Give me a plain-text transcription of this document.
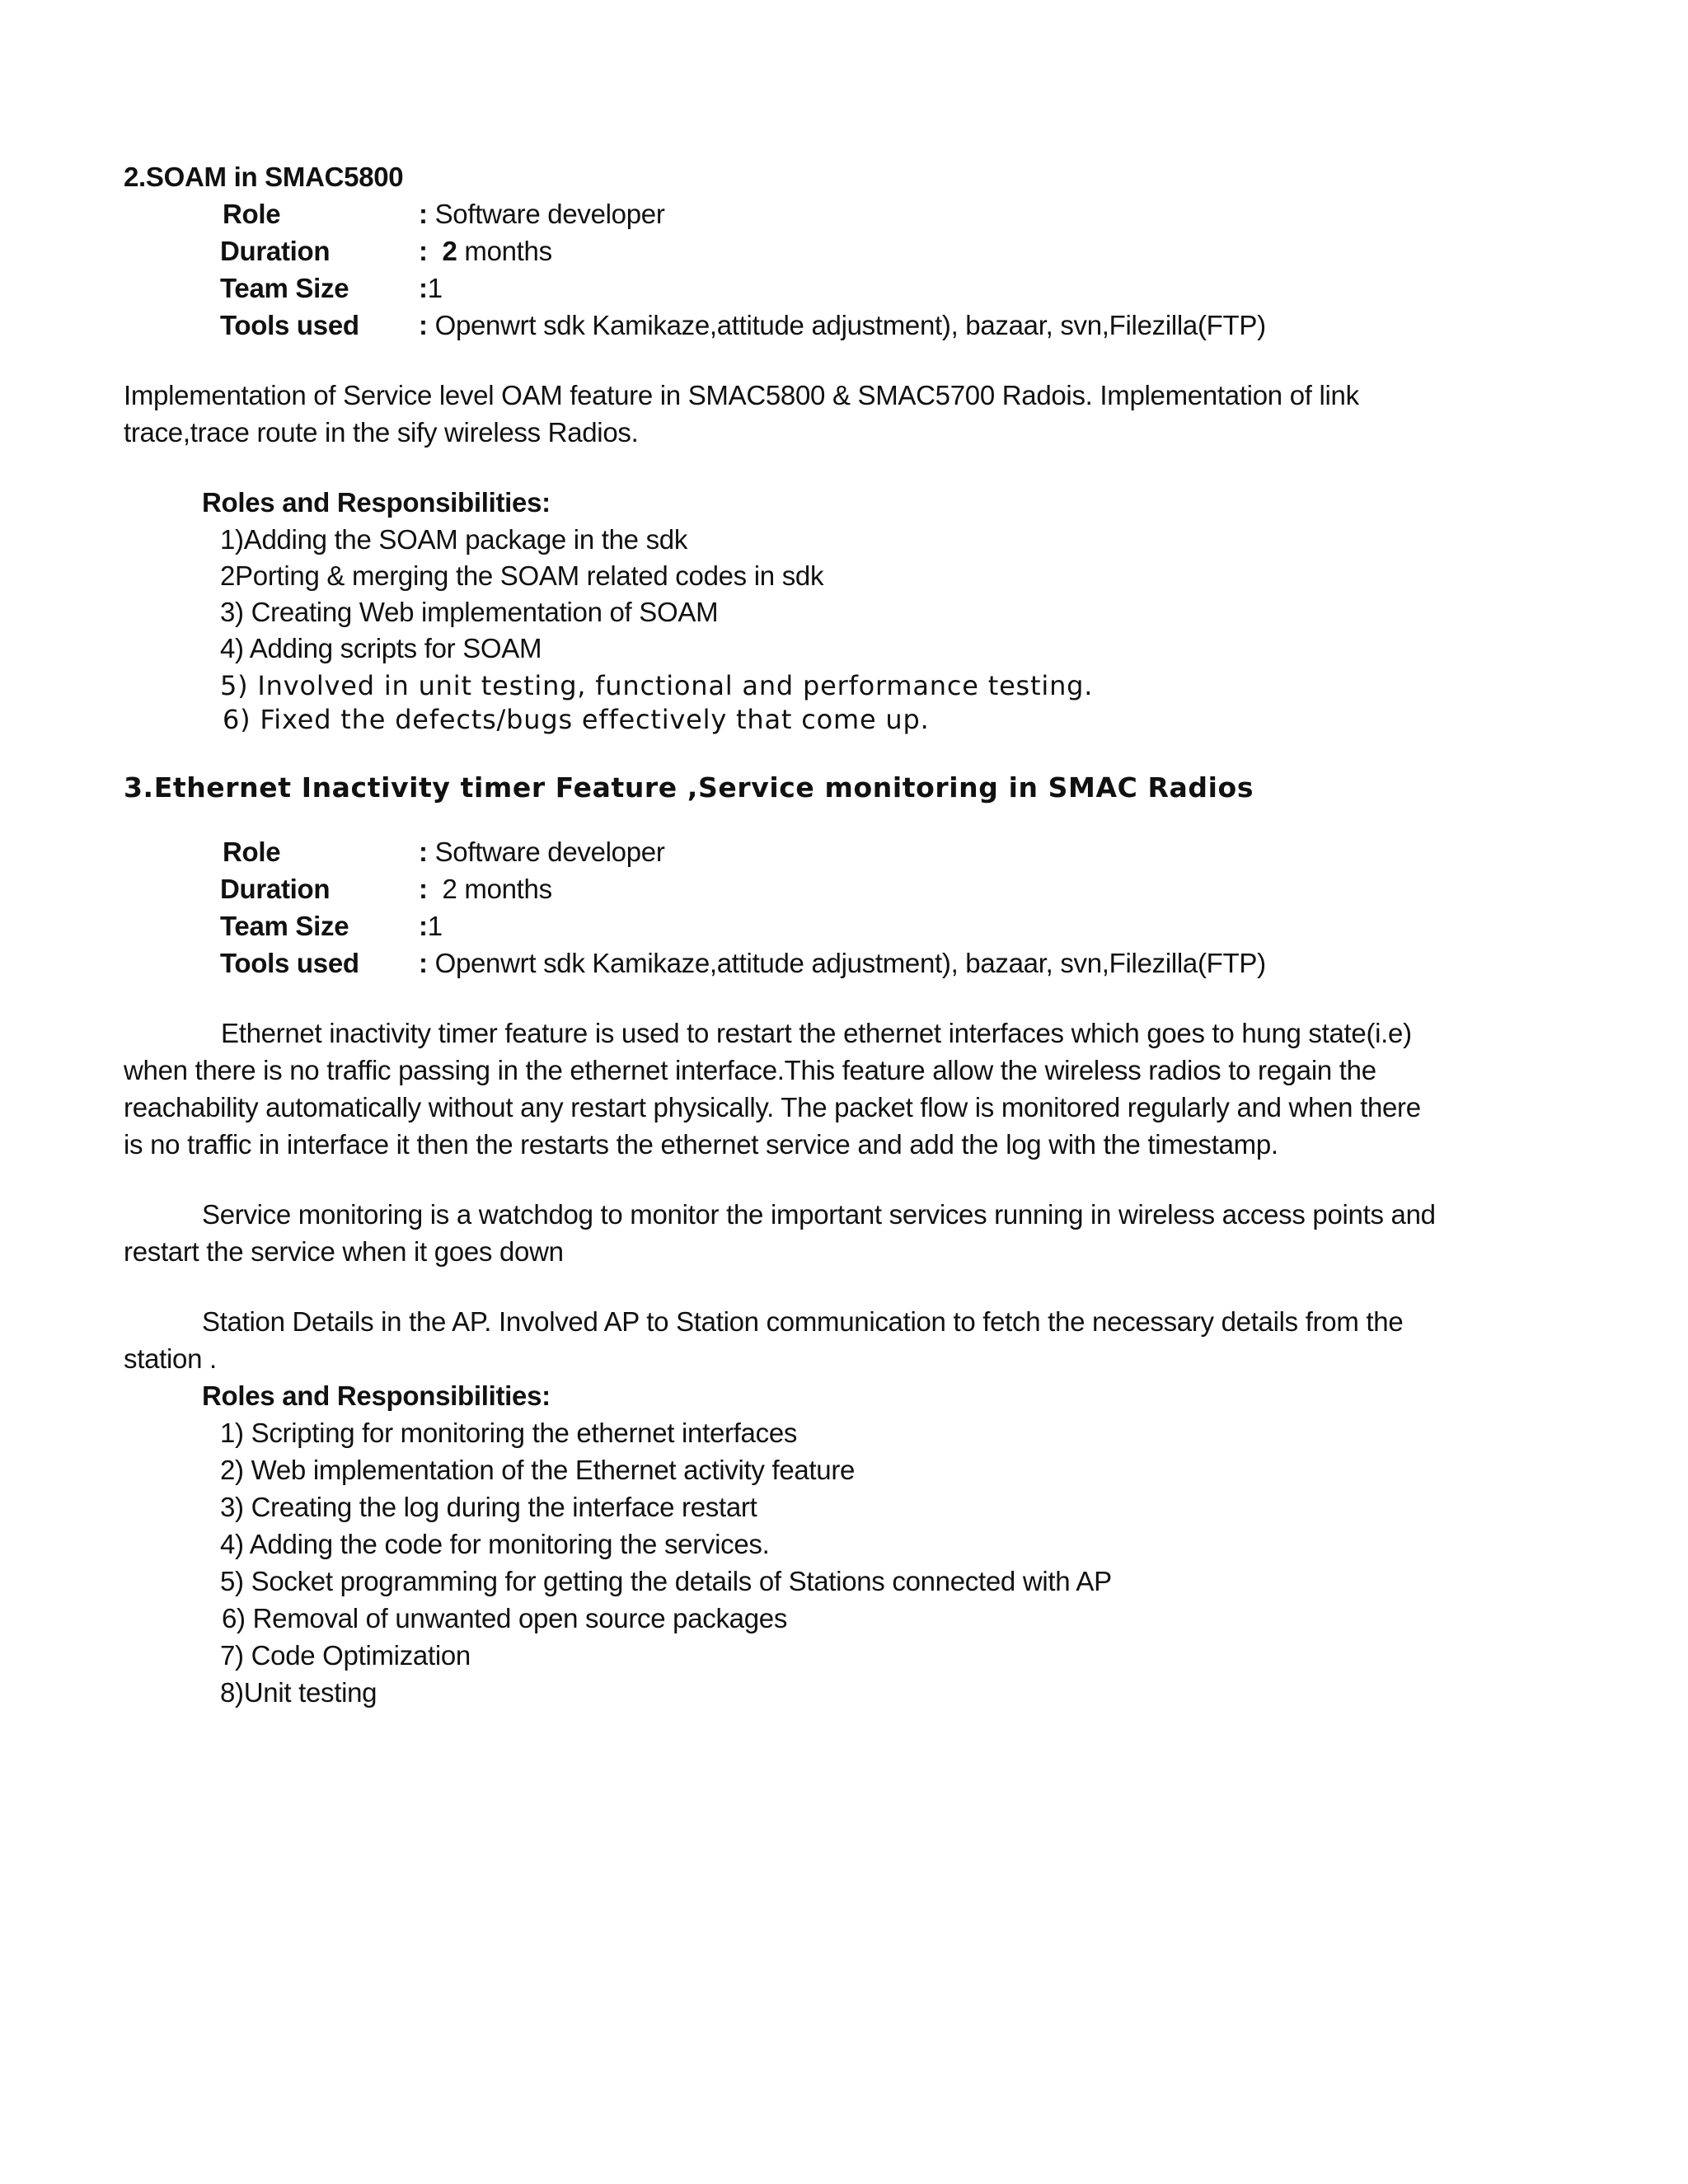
2.SOAM in SMAC5800
Role	: Software developer
Duration	: 2 months
Team Size	:1
Tools used : Openwrt sdk Kamikaze,attitude adjustment), bazaar, svn,Filezilla(FTP)
Implementation of Service level OAM feature in SMAC5800 & SMAC5700 Radois. Implementation of link
trace,trace route in the sify wireless Radios.
Roles and Responsibilities:
1)Adding the SOAM package in the sdk
2Porting & merging the SOAM related codes in sdk
3) Creating Web implementation of SOAM
4) Adding scripts for SOAM
5) Involved in unit testing, functional and performance testing.
6) Fixed the defects/bugs effectively that come up.
3.Ethernet Inactivity timer Feature ,Service monitoring in SMAC Radios
Role	: Software developer
Duration	: 2 months
Team Size	:1
Tools used : Openwrt sdk Kamikaze,attitude adjustment), bazaar, svn,Filezilla(FTP)
Ethernet inactivity timer feature is used to restart the ethernet interfaces which goes to hung state(i.e)
when there is no traffic passing in the ethernet interface.This feature allow the wireless radios to regain the
reachability automatically without any restart physically. The packet flow is monitored regularly and when there
is no traffic in interface it then the restarts the ethernet service and add the log with the timestamp.
Service monitoring is a watchdog to monitor the important services running in wireless access points and
restart the service when it goes down
Station Details in the AP. Involved AP to Station communication to fetch the necessary details from the
station .
Roles and Responsibilities:
1) Scripting for monitoring the ethernet interfaces
2) Web implementation of the Ethernet activity feature
3) Creating the log during the interface restart
4) Adding the code for monitoring the services.
5) Socket programming for getting the details of Stations connected with AP
6) Removal of unwanted open source packages
7) Code Optimization
8)Unit testing
